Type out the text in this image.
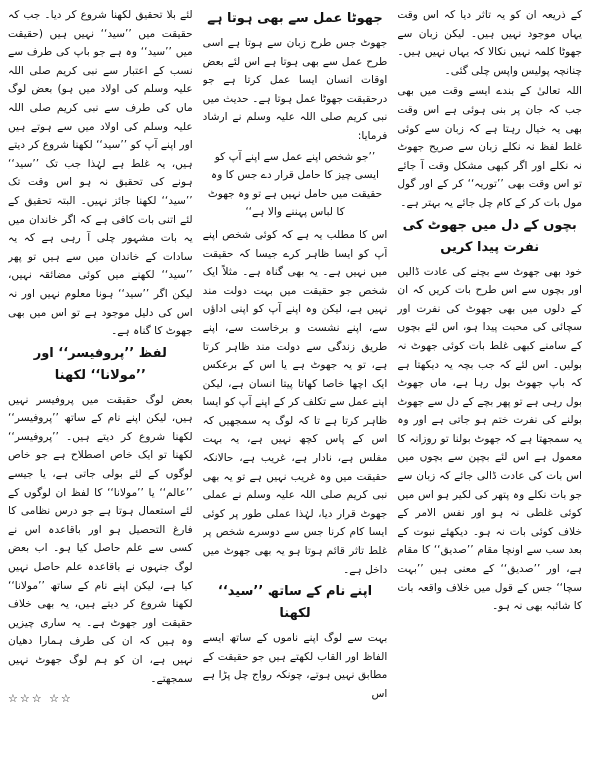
کے ذریعہ ان کو یہ تاثر دیا کہ اس وقت یہاں موجود نہیں ہیں۔ لیکن زبان سے جھوٹا کلمہ نہیں نکالا کہ یہاں نہیں ہیں۔ چنانچہ پولیس واپس چلی گئی۔

اللہ تعالیٰ کے بندے ایسے وقت میں بھی جب کہ جان پر بنی ہوئی ہے اس وقت بھی یہ خیال رہتا ہے کہ زبان سے کوئی غلط لفظ نہ نکلے زبان سے صریح جھوٹ نہ نکلے اور اگر کبھی مشکل وقت آ جائے تو اس وقت بھی ’’توریہ‘‘ کر کے اور گول مول بات کر کے کام چل جائے یہ بہتر ہے۔

بچوں کے دل میں جھوٹ کی نفرت پیدا کریں

خود بھی جھوٹ سے بچنے کی عادت ڈالیں اور بچوں سے اس طرح بات کریں کہ ان کے دلوں میں بھی جھوٹ کی نفرت اور سچائی کی محبت پیدا ہو، اس لئے بچوں کے سامنے کبھی غلط بات کوئی جھوٹ نہ بولیں۔ اس لئے کہ جب بچہ یہ دیکھتا ہے کہ باپ جھوٹ بول رہا ہے، ماں جھوٹ بول رہی ہے تو پھر بچے کے دل سے جھوٹ بولنے کی نفرت ختم ہو جاتی ہے اور وہ یہ سمجھتا ہے کہ جھوٹ بولنا تو روزانہ کا معمول ہے اس لئے بچپن سے بچوں میں اس بات کی عادت ڈالی جائے کہ زبان سے جو بات نکلے وہ پتھر کی لکیر ہو اس میں کوئی غلطی نہ ہو اور نفس الامر کے خلاف کوئی بات نہ ہو۔ دیکھئے نبوت کے بعد سب سے اونچا مقام ’’صدیق‘‘ کا مقام ہے، اور ’’صدیق‘‘ کے معنی ہیں ’’بہت سچا‘‘ جس کے قول میں خلاف واقعہ بات کا شائبہ بھی نہ ہو۔

جھوٹا عمل سے بھی ہوتا ہے

جھوٹ جس طرح زبان سے ہوتا ہے اسی طرح عمل سے بھی ہوتا ہے اس لئے بعض اوقات انسان ایسا عمل کرتا ہے جو درحقیقت جھوٹا عمل ہوتا ہے۔ حدیث میں نبی کریم صلی اللہ علیہ وسلم نے ارشاد فرمایا:

’’جو شخص اپنے عمل سے اپنے آپ کو ایسی چیز کا حامل قرار دے جس کا وہ حقیقت میں حامل نہیں ہے تو وہ جھوٹ کا لباس پہننے والا ہے‘‘

اس کا مطلب یہ ہے کہ کوئی شخص اپنے آپ کو ایسا ظاہر کرے جیسا کہ حقیقت میں نہیں ہے۔ یہ بھی گناہ ہے۔ مثلاً ایک شخص جو حقیقت میں بہت دولت مند نہیں ہے، لیکن وہ اپنے آپ کو اپنی اداؤں سے، اپنے نشست و برخاست سے، اپنے طریق زندگی سے دولت مند ظاہر کرتا ہے، تو یہ جھوٹ ہے یا اس کے برعکس ایک اچھا خاصا کھاتا پیتا انسان ہے، لیکن اپنے عمل سے تکلف کر کے اپنے آپ کو ایسا ظاہر کرتا ہے تا کہ لوگ یہ سمجھیں کہ اس کے پاس کچھ نہیں ہے، یہ بہت مفلس ہے، نادار ہے، غریب ہے، حالانکہ حقیقت میں وہ غریب نہیں ہے تو یہ بھی نبی کریم صلی اللہ علیہ وسلم نے عملی جھوٹ قرار دیا، لہٰذا عملی طور پر کوئی ایسا کام کرنا جس سے دوسرے شخص پر غلط تاثر قائم ہوتا ہو یہ بھی جھوٹ میں داخل ہے۔

اپنے نام کے ساتھ ’’سید‘‘ لکھنا

بہت سے لوگ اپنے ناموں کے ساتھ ایسے الفاظ اور القاب لکھتے ہیں جو حقیقت کے مطابق نہیں ہوتے، چونکہ رواج چل پڑا ہے اس

لئے بلا تحقیق لکھنا شروع کر دیا۔ جب کہ حقیقت میں ’’سید‘‘ نہیں ہیں (حقیقت میں ’’سید‘‘ وہ ہے جو باپ کی طرف سے نسب کے اعتبار سے نبی کریم صلی اللہ علیہ وسلم کی اولاد میں ہو) بعض لوگ ماں کی طرف سے نبی کریم صلی اللہ علیہ وسلم کی اولاد میں سے ہوتے ہیں اور اپنے آپ کو ’’سید‘‘ لکھنا شروع کر دیتے ہیں، یہ غلط ہے لہٰذا جب تک ’’سید‘‘ ہونے کی تحقیق نہ ہو اس وقت تک ’’سید‘‘ لکھنا جائز نہیں۔ البتہ تحقیق کے لئے اتنی بات کافی ہے کہ اگر خاندان میں یہ بات مشہور چلی آ رہی ہے کہ یہ سادات کے خاندان میں سے ہیں تو پھر ’’سید‘‘ لکھنے میں کوئی مضائقہ نہیں، لیکن اگر ’’سید‘‘ ہونا معلوم نہیں اور نہ اس کی دلیل موجود ہے تو اس میں بھی جھوٹ کا گناہ ہے۔

لفظ ’’پروفیسر‘‘ اور ’’مولانا‘‘ لکھنا

بعض لوگ حقیقت میں پروفیسر نہیں ہیں، لیکن اپنے نام کے ساتھ ’’پروفیسر‘‘ لکھنا شروع کر دیتے ہیں۔ ’’پروفیسر‘‘ لکھنا تو ایک خاص اصطلاح ہے جو خاص لوگوں کے لئے بولی جاتی ہے، یا جیسے ’’عالم‘‘ یا ’’مولانا‘‘ کا لفظ ان لوگوں کے لئے استعمال ہوتا ہے جو درس نظامی کا فارغ التحصیل ہو اور باقاعدہ اس نے کسی سے علم حاصل کیا ہو۔ اب بعض لوگ جنہوں نے باقاعدہ علم حاصل نہیں کیا ہے، لیکن اپنے نام کے ساتھ ’’مولانا‘‘ لکھنا شروع کر دیتے ہیں، یہ بھی خلاف حقیقت اور جھوٹ ہے۔ یہ ساری چیزیں وہ ہیں کہ ان کی طرف ہمارا دھیان نہیں ہے، ان کو ہم لوگ جھوٹ نہیں سمجھتے۔

☆☆☆ ☆☆
